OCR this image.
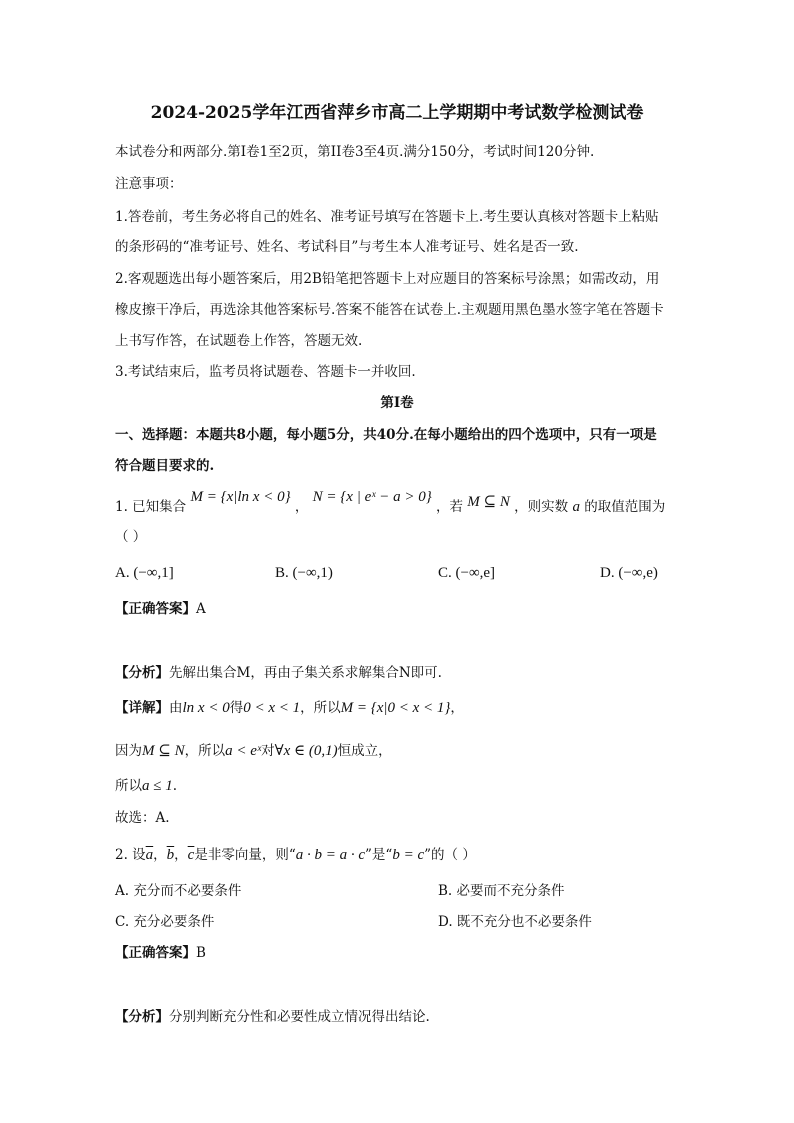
2024-2025学年江西省萍乡市高二上学期期中考试数学检测试卷
本试卷分和两部分.第I卷1至2页，第II卷3至4页.满分150分，考试时间120分钟.
注意事项：
1.答卷前，考生务必将自己的姓名、准考证号填写在答题卡上.考生要认真核对答题卡上粘贴
的条形码的“准考证号、姓名、考试科目”与考生本人准考证号、姓名是否一致.
2.客观题选出每小题答案后，用2B铅笔把答题卡上对应题目的答案标号涂黑；如需改动，用
橡皮擦干净后，再选涂其他答案标号.答案不能答在试卷上.主观题用黑色墨水签字笔在答题卡
上书写作答，在试题卷上作答，答题无效.
3.考试结束后，监考员将试题卷、答题卡一并收回.
第I卷
一、选择题：本题共8小题，每小题5分，共40分.在每小题给出的四个选项中，只有一项是
符合题目要求的.
1. 已知集合 M = {x|ln x < 0} ， N = {x | eˣ − a > 0} ，若 M ⊆ N ，则实数 a 的取值范围为
（ ）
A. (−∞,1]	B. (−∞,1)	C. (−∞,e]	D. (−∞,e)
【正确答案】A
【分析】先解出集合M，再由子集关系求解集合N即可.
【详解】由ln x < 0得0 < x < 1，所以M = {x|0 < x < 1}，
因为M ⊆ N，所以a < eˣ对∀x ∈ (0,1)恒成立，
所以a ≤ 1.
故选：A.
2. 设$\overline{a}$，$\overline{b}$，$\overline{c}$是非零向量，则“a · b = a · c”是“b = c”的（ ）
A. 充分而不必要条件	B. 必要而不充分条件
C. 充分必要条件	D. 既不充分也不必要条件
【正确答案】B
【分析】分别判断充分性和必要性成立情况得出结论.
